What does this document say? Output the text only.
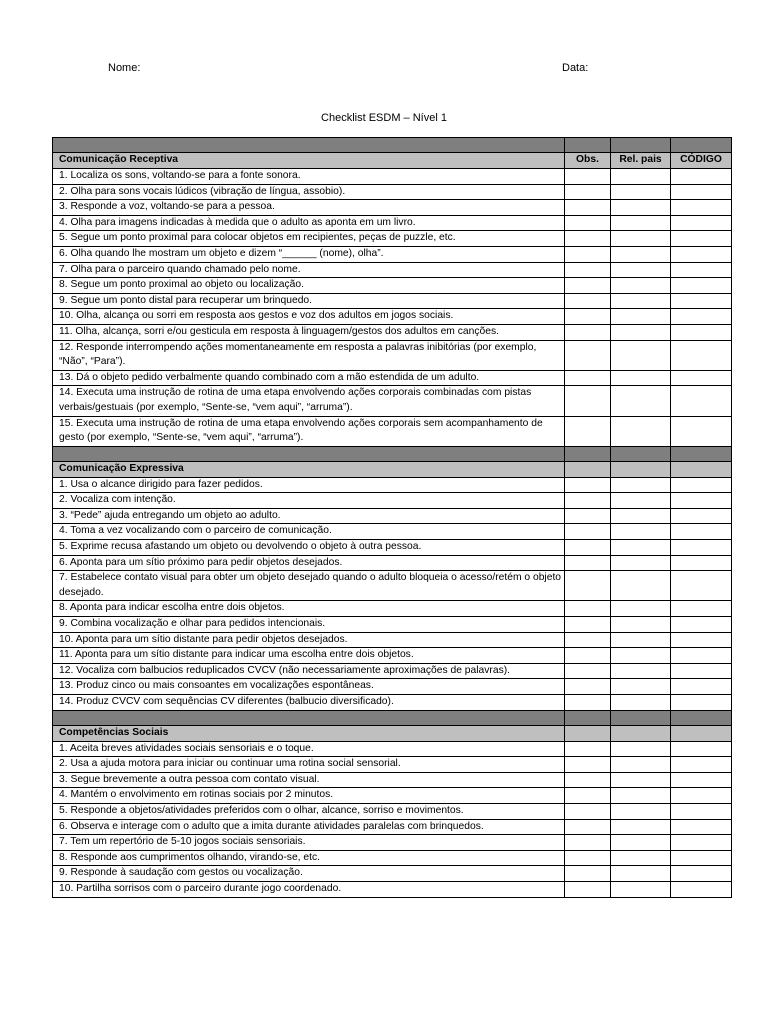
Nome:	Data:
Checklist ESDM – Nível 1

Comunicação Receptiva	Obs.	Rel. pais	CÓDIGO
1. Localiza os sons, voltando-se para a fonte sonora.			
2. Olha para sons vocais lúdicos (vibração de língua, assobio).			
3. Responde a voz, voltando-se para a pessoa.			
4. Olha para imagens indicadas à medida que o adulto as aponta em um livro.			
5. Segue um ponto proximal para colocar objetos em recipientes, peças de puzzle, etc.			
6. Olha quando lhe mostram um objeto e dizem “______ (nome), olha”.			
7. Olha para o parceiro quando chamado pelo nome.			
8. Segue um ponto proximal ao objeto ou localização.			
9. Segue um ponto distal para recuperar um brinquedo.			
10. Olha, alcança ou sorri em resposta aos gestos e voz dos adultos em jogos sociais.			
11. Olha, alcança, sorri e/ou gesticula em resposta à linguagem/gestos dos adultos em canções.			
12. Responde interrompendo ações momentaneamente em resposta a palavras inibitórias (por exemplo, “Não”, “Para”).			
13. Dá o objeto pedido verbalmente quando combinado com a mão estendida de um adulto.			
14. Executa uma instrução de rotina de uma etapa envolvendo ações corporais combinadas com pistas verbais/gestuais (por exemplo, “Sente-se, “vem aqui”, “arruma”).			
15. Executa uma instrução de rotina de uma etapa envolvendo ações corporais sem acompanhamento de gesto (por exemplo, “Sente-se, “vem aqui”, “arruma”).			

Comunicação Expressiva			
1. Usa o alcance dirigido para fazer pedidos.			
2. Vocaliza com intenção.			
3. “Pede” ajuda entregando um objeto ao adulto.			
4. Toma a vez vocalizando com o parceiro de comunicação.			
5. Exprime recusa afastando um objeto ou devolvendo o objeto à outra pessoa.			
6. Aponta para um sítio próximo para pedir objetos desejados.			
7. Estabelece contato visual para obter um objeto desejado quando o adulto bloqueia o acesso/retém o objeto desejado.			
8. Aponta para indicar escolha entre dois objetos.			
9. Combina vocalização e olhar para pedidos intencionais.			
10. Aponta para um sítio distante para pedir objetos desejados.			
11. Aponta para um sítio distante para indicar uma escolha entre dois objetos.			
12. Vocaliza com balbucios reduplicados CVCV (não necessariamente aproximações de palavras).			
13. Produz cinco ou mais consoantes em vocalizações espontâneas.			
14. Produz CVCV com sequências CV diferentes (balbucio diversificado).			

Competências Sociais			
1. Aceita breves atividades sociais sensoriais e o toque.			
2. Usa a ajuda motora para iniciar ou continuar uma rotina social sensorial.			
3. Segue brevemente a outra pessoa com contato visual.			
4. Mantém o envolvimento em rotinas sociais por 2 minutos.			
5. Responde a objetos/atividades preferidos com o olhar, alcance, sorriso e movimentos.			
6. Observa e interage com o adulto que a imita durante atividades paralelas com brinquedos.			
7. Tem um repertório de 5-10 jogos sociais sensoriais.			
8. Responde aos cumprimentos olhando, virando-se, etc.			
9. Responde à saudação com gestos ou vocalização.			
10. Partilha sorrisos com o parceiro durante jogo coordenado.			
